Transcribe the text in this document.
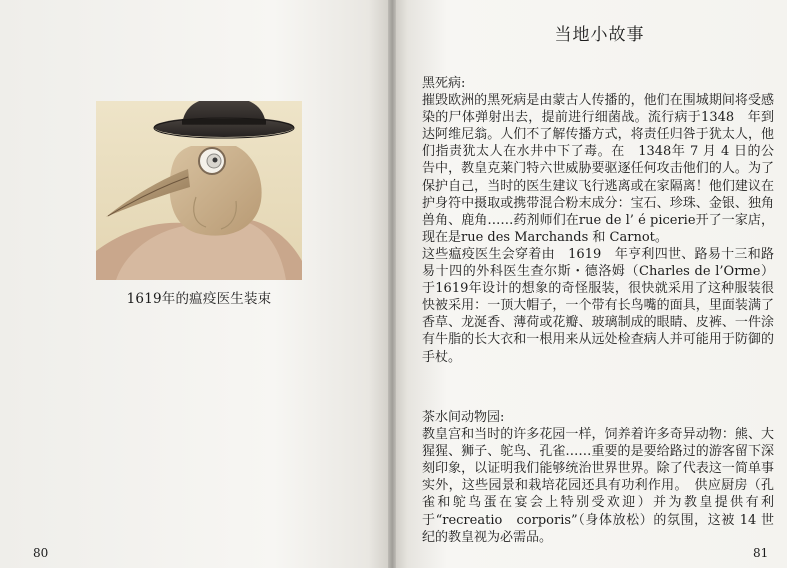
1619年的瘟疫医生装束
80
当地小故事

黑死病:

摧毁欧洲的黑死病是由蒙古人传播的，他们在围城期间将受感染的尸体弹射出去，提前进行细菌战。流行病于1348　年到达阿维尼翁。人们不了解传播方式，将责任归咎于犹太人，他们指责犹太人在水井中下了毒。在　1348年 7 月 4 日的公告中，教皇克莱门特六世威胁要驱逐任何攻击他们的人。为了保护自己，当时的医生建议飞行逃离或在家隔离！他们建议在护身符中摄取或携带混合粉末成分：宝石、珍珠、金银、独角兽角、鹿角……药剂师们在rue de l’ é picerie开了一家店，现在是rue des Marchands 和 Carnot。

这些瘟疫医生会穿着由　1619　年亨利四世、路易十三和路易十四的外科医生查尔斯・德洛姆（Charles de l’Orme）于1619年设计的想象的奇怪服装，很快就采用了这种服装很快被采用：一顶大帽子，一个带有长鸟嘴的面具，里面装满了香草、龙涎香、薄荷或花瓣、玻璃制成的眼睛、皮裤、一件涂有牛脂的长大衣和一根用来从远处检查病人并可能用于防御的手杖。

茶水间动物园:

教皇宫和当时的许多花园一样，饲养着许多奇异动物：熊、大猩猩、狮子、鸵鸟、孔雀……重要的是要给路过的游客留下深刻印象，以证明我们能够统治世界世界。除了代表这一简单事实外，这些园景和栽培花园还具有功利作用。　供应厨房（孔雀和鸵鸟蛋在宴会上特别受欢迎）并为教皇提供有利于“recreatio　corporis”（身体放松）的氛围，这被 14 世纪的教皇视为必需品。

81
